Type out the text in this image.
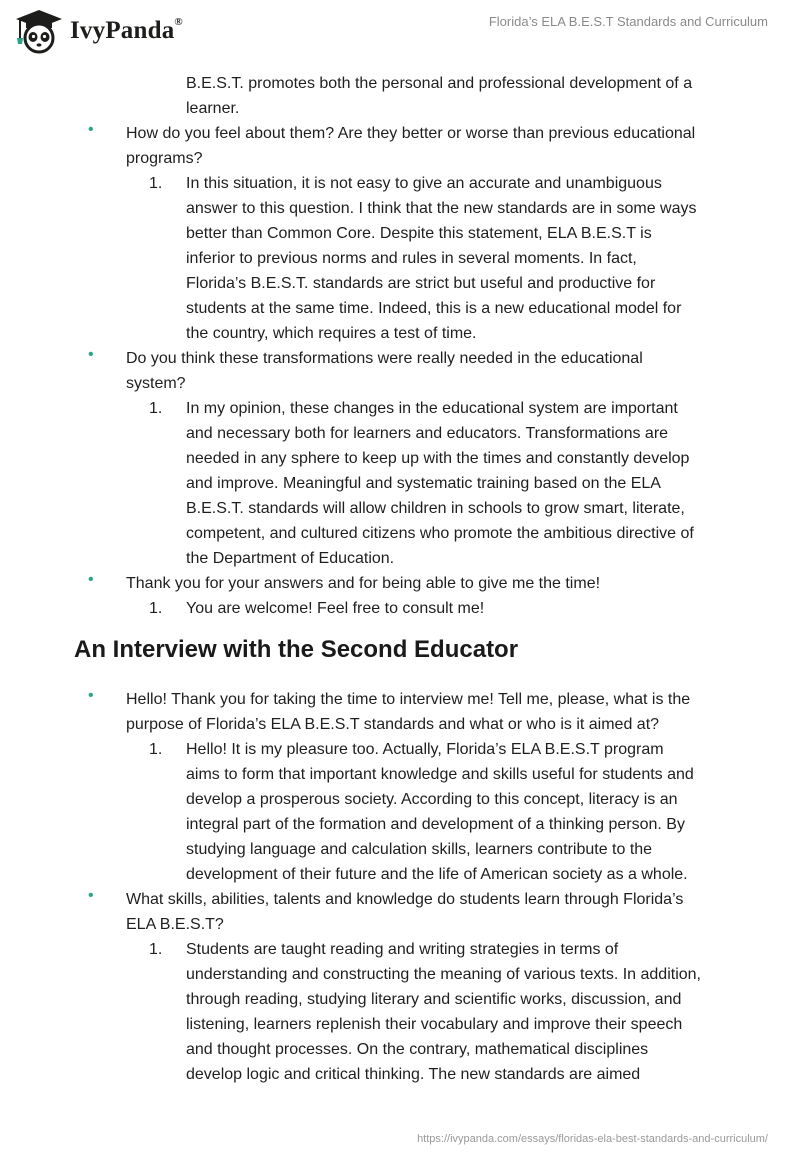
IvyPanda®	Florida’s ELA B.E.S.T Standards and Curriculum
B.E.S.T. promotes both the personal and professional development of a
learner.
• How do you feel about them? Are they better or worse than previous educational
programs?
1. In this situation, it is not easy to give an accurate and unambiguous
answer to this question. I think that the new standards are in some ways
better than Common Core. Despite this statement, ELA B.E.S.T is
inferior to previous norms and rules in several moments. In fact,
Florida’s B.E.S.T. standards are strict but useful and productive for
students at the same time. Indeed, this is a new educational model for
the country, which requires a test of time.
• Do you think these transformations were really needed in the educational
system?
1. In my opinion, these changes in the educational system are important
and necessary both for learners and educators. Transformations are
needed in any sphere to keep up with the times and constantly develop
and improve. Meaningful and systematic training based on the ELA
B.E.S.T. standards will allow children in schools to grow smart, literate,
competent, and cultured citizens who promote the ambitious directive of
the Department of Education.
• Thank you for your answers and for being able to give me the time!
1. You are welcome! Feel free to consult me!
An Interview with the Second Educator
• Hello! Thank you for taking the time to interview me! Tell me, please, what is the
purpose of Florida’s ELA B.E.S.T standards and what or who is it aimed at?
1. Hello! It is my pleasure too. Actually, Florida’s ELA B.E.S.T program
aims to form that important knowledge and skills useful for students and
develop a prosperous society. According to this concept, literacy is an
integral part of the formation and development of a thinking person. By
studying language and calculation skills, learners contribute to the
development of their future and the life of American society as a whole.
• What skills, abilities, talents and knowledge do students learn through Florida’s
ELA B.E.S.T?
1. Students are taught reading and writing strategies in terms of
understanding and constructing the meaning of various texts. In addition,
through reading, studying literary and scientific works, discussion, and
listening, learners replenish their vocabulary and improve their speech
and thought processes. On the contrary, mathematical disciplines
develop logic and critical thinking. The new standards are aimed
https://ivypanda.com/essays/floridas-ela-best-standards-and-curriculum/
